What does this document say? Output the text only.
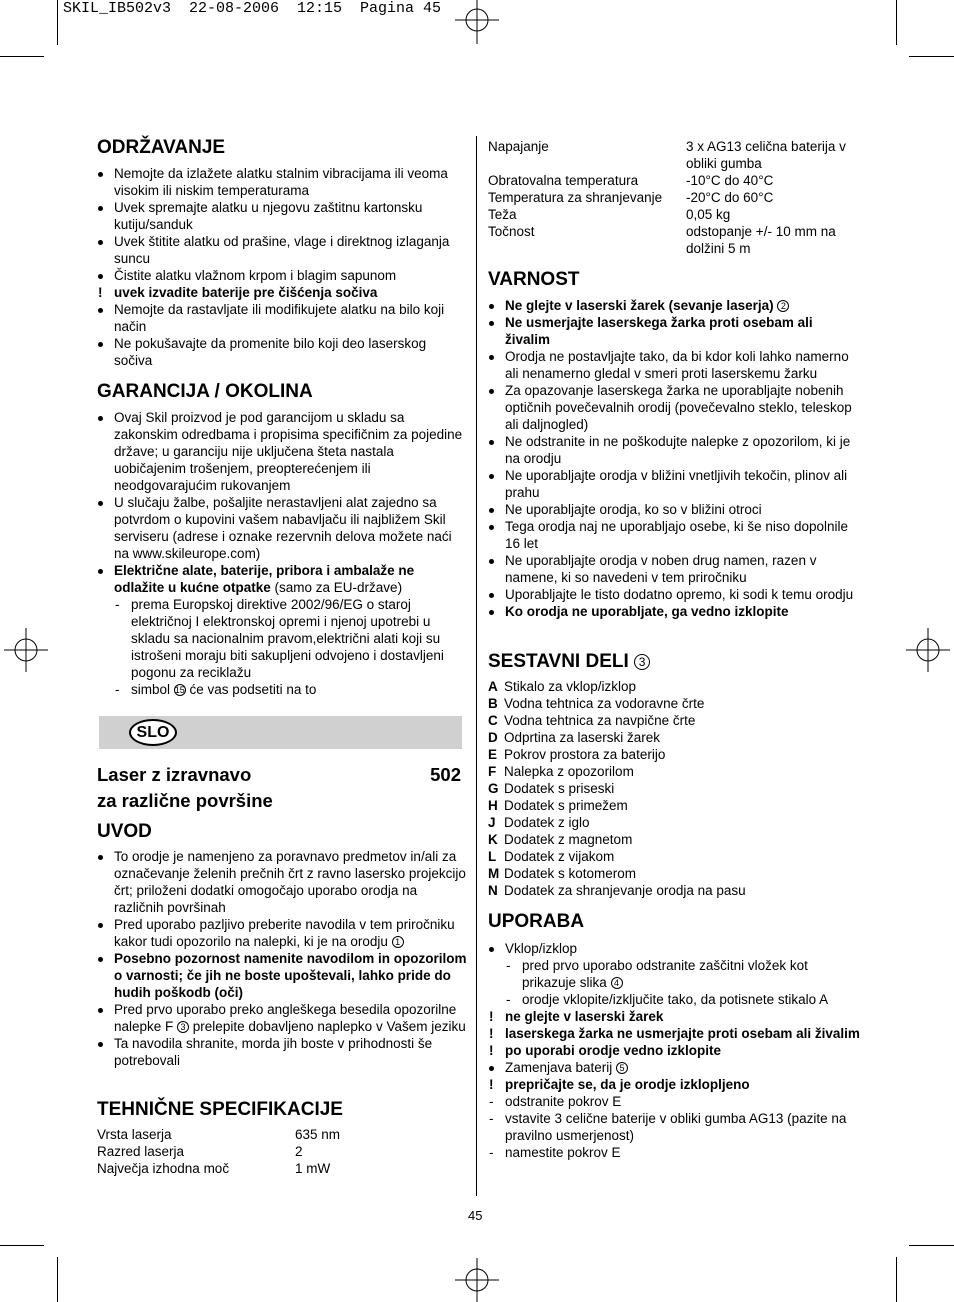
SKIL_IB502v3  22-08-2006  12:15  Pagina 45
ODRŽAVANJE
Nemojte da izlažete alatku stalnim vibracijama ili veoma visokim ili niskim temperaturama
Uvek spremajte alatku u njegovu zaštitnu kartonsku kutiju/sanduk
Uvek štitite alatku od prašine, vlage i direktnog izlaganja suncu
Čistite alatku vlažnom krpom i blagim sapunom
! uvek izvadite baterije pre čišćenja sočiva
Nemojte da rastavljate ili modifikujete alatku na bilo koji način
Ne pokušavajte da promenite bilo koji deo laserskog sočiva
GARANCIJA / OKOLINA
Ovaj Skil proizvod je pod garancijom u skladu sa zakonskim odredbama i propisima specifičnim za pojedine države; u garanciju nije uključena šteta nastala uobičajenim trošenjem, preopterećenjem ili neodgovarajućim rukovanjem
U slučaju žalbe, pošaljite nerastavljeni alat zajedno sa potvrdom o kupovini vašem nabavljaču ili najbližem Skil serviseru (adrese i oznake rezervnih delova možete naći na www.skileurope.com)
Električne alate, baterije, pribora i ambalaže ne odlažite u kućne otpatke (samo za EU-države)
- prema Europskoj direktive 2002/96/EG o staroj električnoj I elektronskoj opremi i njenoj upotrebi u skladu sa nacionalnim pravom,električni alati koji su istrošeni moraju biti sakupljeni odvojeno i dostavljeni pogonu za reciklažu
- simbol 15 će vas podsetiti na to
SLO
Laser z izravnavo	502
za različne površine
UVOD
To orodje je namenjeno za poravnavo predmetov in/ali za označevanje želenih prečnih črt z ravno lasersko projekcijo črt; priloženi dodatki omogočajo uporabo orodja na različnih površinah
Pred uporabo pazljivo preberite navodila v tem priročniku kakor tudi opozorilo na nalepki, ki je na orodju 1
Posebno pozornost namenite navodilom in opozorilom o varnosti; če jih ne boste upoštevali, lahko pride do hudih poškodb (oči)
Pred prvo uporabo preko angleškega besedila opozorilne nalepke F 3 prelepite dobavljeno naplepko v Vašem jeziku
Ta navodila shranite, morda jih boste v prihodnosti še potrebovali
TEHNIČNE SPECIFIKACIJE
Vrsta laserja	635 nm
Razred laserja	2
Največja izhodna moč	1 mW
Napajanje	3 x AG13 celična baterija v obliki gumba
Obratovalna temperatura	-10°C do 40°C
Temperatura za shranjevanje	-20°C do 60°C
Teža	0,05 kg
Točnost	odstopanje +/- 10 mm na dolžini 5 m
VARNOST
Ne glejte v laserski žarek (sevanje laserja) 2
Ne usmerjajte laserskega žarka proti osebam ali živalim
Orodja ne postavljajte tako, da bi kdor koli lahko namerno ali nenamerno gledal v smeri proti laserskemu žarku
Za opazovanje laserskega žarka ne uporabljajte nobenih optičnih povečevalnih orodij (povečevalno steklo, teleskop ali daljnogled)
Ne odstranite in ne poškodujte nalepke z opozorilom, ki je na orodju
Ne uporabljajte orodja v bližini vnetljivih tekočin, plinov ali prahu
Ne uporabljajte orodja, ko so v bližini otroci
Tega orodja naj ne uporabljajo osebe, ki še niso dopolnile 16 let
Ne uporabljajte orodja v noben drug namen, razen v namene, ki so navedeni v tem priročniku
Uporabljajte le tisto dodatno opremo, ki sodi k temu orodju
Ko orodja ne uporabljate, ga vedno izklopite
SESTAVNI DELI 3
A Stikalo za vklop/izklop
B Vodna tehtnica za vodoravne črte
C Vodna tehtnica za navpične črte
D Odprtina za laserski žarek
E Pokrov prostora za baterijo
F Nalepka z opozorilom
G Dodatek s priseski
H Dodatek s primežem
J Dodatek z iglo
K Dodatek z magnetom
L Dodatek z vijakom
M Dodatek s kotomerom
N Dodatek za shranjevanje orodja na pasu
UPORABA
Vklop/izklop
- pred prvo uporabo odstranite zaščitni vložek kot prikazuje slika 4
- orodje vklopite/izključite tako, da potisnete stikalo A
! ne glejte v laserski žarek
! laserskega žarka ne usmerjajte proti osebam ali živalim
! po uporabi orodje vedno izklopite
Zamenjava baterij 5
! prepričajte se, da je orodje izklopljeno
- odstranite pokrov E
- vstavite 3 celične baterije v obliki gumba AG13 (pazite na pravilno usmerjenost)
- namestite pokrov E
45
